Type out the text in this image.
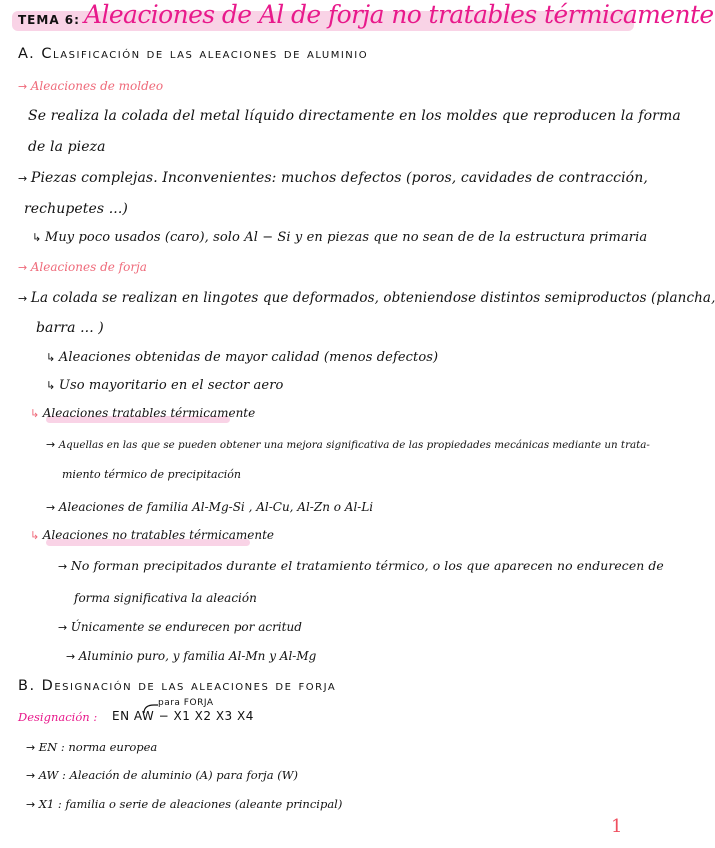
TEMA 6: Aleaciones de Al de forja no tratables térmicamente
A. Clasificación de las aleaciones de aluminio
→ Aleaciones de moldeo
Se realiza la colada del metal líquido directamente en los moldes que reproducen la forma
de la pieza
→ Piezas complejas. Inconvenientes: muchos defectos (poros, cavidades de contracción,
rechupetes ...)
↳ Muy poco usados (caro), solo Al − Si y en piezas que no sean de de la estructura primaria
→ Aleaciones de forja
→ La colada se realizan en lingotes que deformados, obteniendose distintos semiproductos (plancha,
barra ... )
↳ Aleaciones obtenidas de mayor calidad (menos defectos)
↳ Uso mayoritario en el sector aero
↳ Aleaciones tratables térmicamente
→ Aquellas en las que se pueden obtener una mejora significativa de las propiedades mecánicas mediante un trata-
miento térmico de precipitación
→ Aleaciones de familia Al-Mg-Si , Al-Cu, Al-Zn o Al-Li
↳ Aleaciones no tratables térmicamente
→ No forman precipitados durante el tratamiento térmico, o los que aparecen no endurecen de
forma significativa la aleación
→ Únicamente se endurecen por acritud
→ Aluminio puro, y familia Al-Mn y Al-Mg
B. Designación de las aleaciones de forja
para FORJA
Designación : EN AW − X1 X2 X3 X4
→ EN : norma europea
→ AW : Aleación de aluminio (A) para forja (W)
→ X1 : familia o serie de aleaciones (aleante principal)
1
